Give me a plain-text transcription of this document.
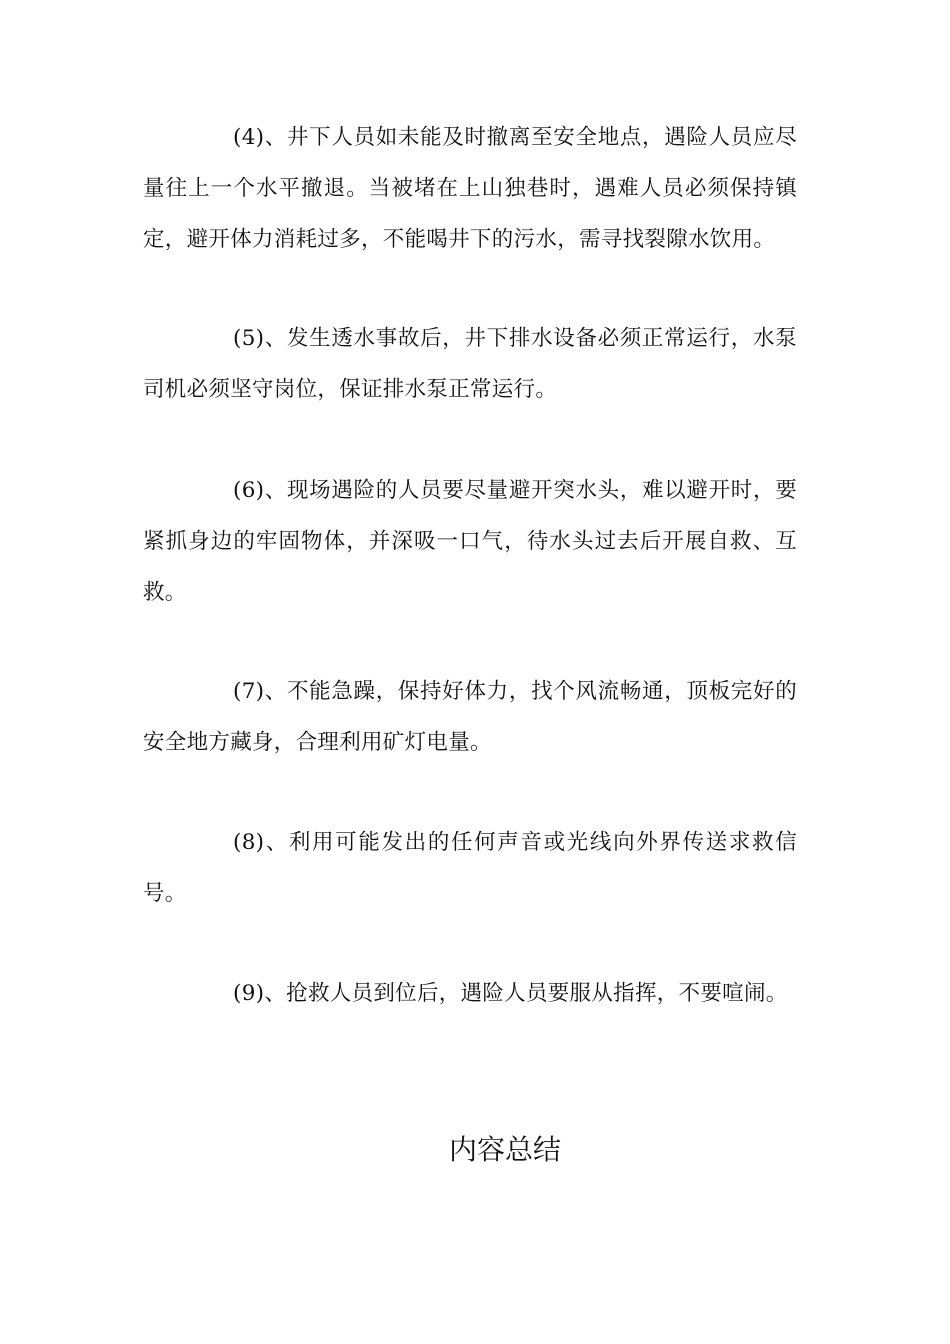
(4)、井下人员如未能及时撤离至安全地点，遇险人员应尽量往上一个水平撤退。当被堵在上山独巷时，遇难人员必须保持镇定，避开体力消耗过多，不能喝井下的污水，需寻找裂隙水饮用。

(5)、发生透水事故后，井下排水设备必须正常运行，水泵司机必须坚守岗位，保证排水泵正常运行。

(6)、现场遇险的人员要尽量避开突水头，难以避开时，要紧抓身边的牢固物体，并深吸一口气，待水头过去后开展自救、互救。

(7)、不能急躁，保持好体力，找个风流畅通，顶板完好的安全地方藏身，合理利用矿灯电量。

(8)、利用可能发出的任何声音或光线向外界传送求救信号。

(9)、抢救人员到位后，遇险人员要服从指挥，不要喧闹。

内容总结
